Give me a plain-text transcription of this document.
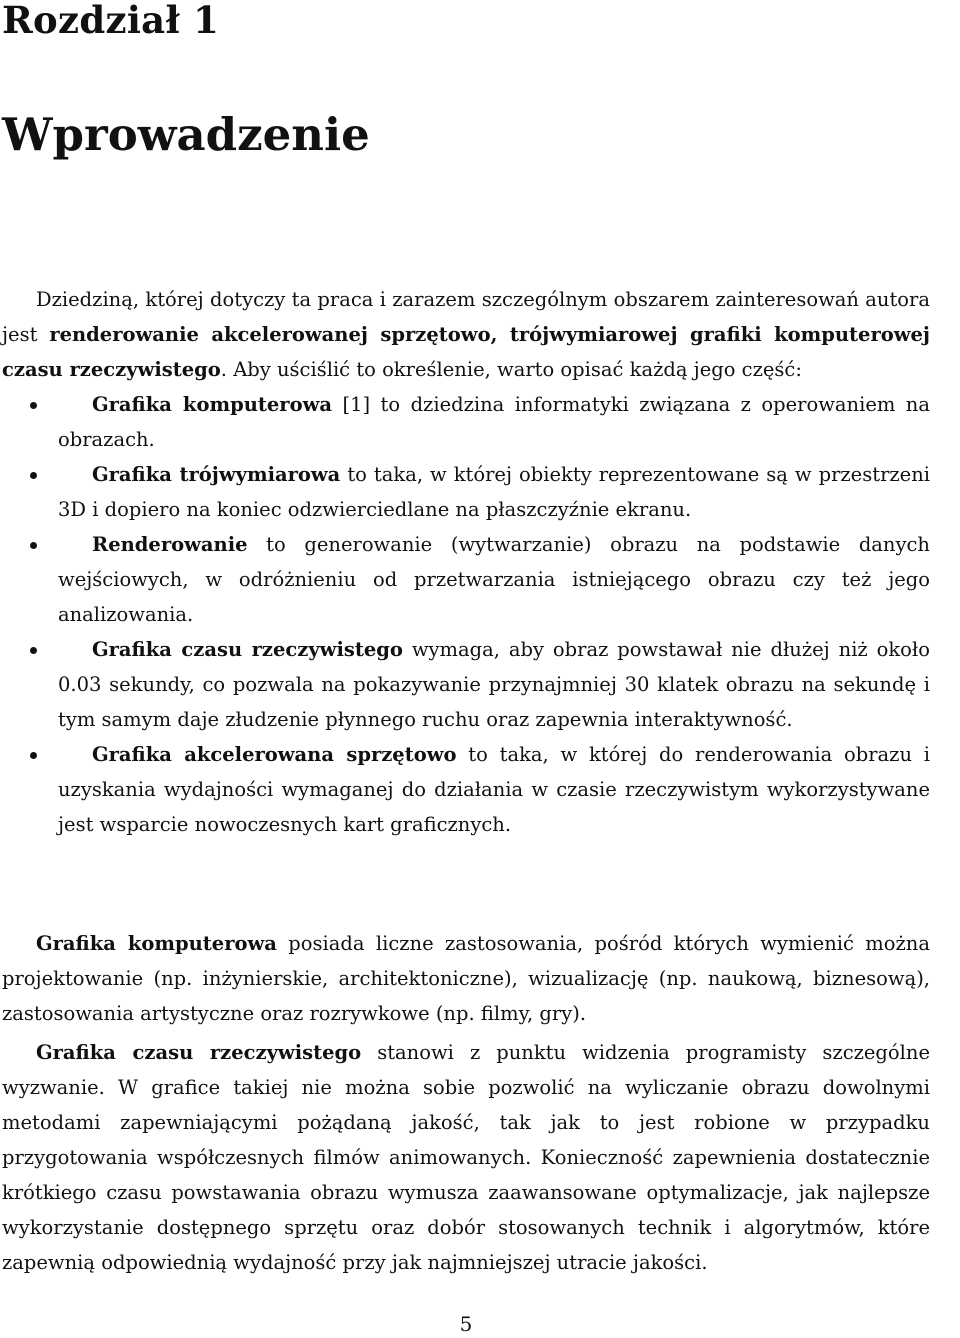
Rozdział 1
Wprowadzenie

Dziedziną, której dotyczy ta praca i zarazem szczególnym obszarem zainteresowań autora jest renderowanie akcelerowanej sprzętowo, trójwymiarowej grafiki komputerowej czasu rzeczywistego. Aby uściślić to określenie, warto opisać każdą jego część:

Grafika komputerowa [1] to dziedzina informatyki związana z operowaniem na obrazach.
Grafika trójwymiarowa to taka, w której obiekty reprezentowane są w przestrzeni 3D i dopiero na koniec odzwierciedlane na płaszczyźnie ekranu.
Renderowanie to generowanie (wytwarzanie) obrazu na podstawie danych wejściowych, w odróżnieniu od przetwarzania istniejącego obrazu czy też jego analizowania.
Grafika czasu rzeczywistego wymaga, aby obraz powstawał nie dłużej niż około 0.03 sekundy, co pozwala na pokazywanie przynajmniej 30 klatek obrazu na sekundę i tym samym daje złudzenie płynnego ruchu oraz zapewnia interaktywność.
Grafika akcelerowana sprzętowo to taka, w której do renderowania obrazu i uzyskania wydajności wymaganej do działania w czasie rzeczywistym wykorzystywane jest wsparcie nowoczesnych kart graficznych.

Grafika komputerowa posiada liczne zastosowania, pośród których wymienić można projektowanie (np. inżynierskie, architektoniczne), wizualizację (np. naukową, biznesową), zastosowania artystyczne oraz rozrywkowe (np. filmy, gry).

Grafika czasu rzeczywistego stanowi z punktu widzenia programisty szczególne wyzwanie. W grafice takiej nie można sobie pozwolić na wyliczanie obrazu dowolnymi metodami zapewniającymi pożądaną jakość, tak jak to jest robione w przypadku przygotowania współczesnych filmów animowanych. Konieczność zapewnienia dostatecznie krótkiego czasu powstawania obrazu wymusza zaawansowane optymalizacje, jak najlepsze wykorzystanie dostępnego sprzętu oraz dobór stosowanych technik i algorytmów, które zapewnią odpowiednią wydajność przy jak najmniejszej utracie jakości.

5
